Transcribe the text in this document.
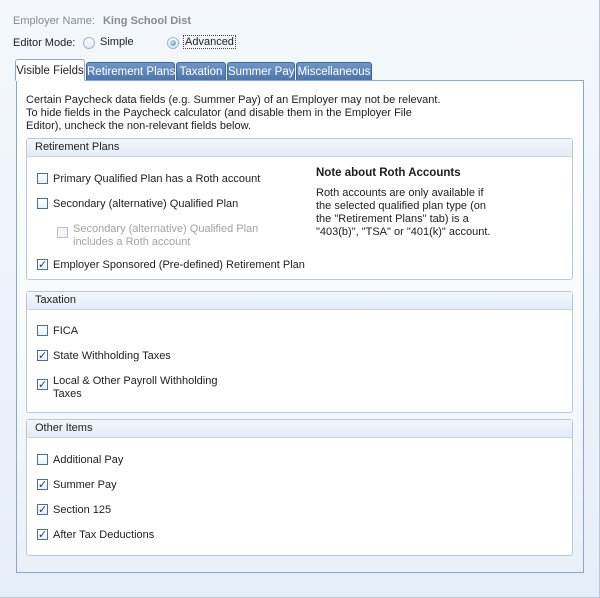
Employer Name: King School Dist
Editor Mode: Simple	Advanced
Visible Fields Retirement Plans Taxation Summer Pay Miscellaneous
Certain Paycheck data fields (e.g. Summer Pay) of an Employer may not be relevant.
To hide fields in the Paycheck calculator (and disable them in the Employer File
Editor), uncheck the non-relevant fields below.
Retirement Plans
Primary Qualified Plan has a Roth account
Secondary (alternative) Qualified Plan
Secondary (alternative) Qualified Plan
includes a Roth account
✓
Employer Sponsored (Pre-defined) Retirement Plan
Note about Roth Accounts
Roth accounts are only available if
the selected qualified plan type (on
the "Retirement Plans" tab) is a
"403(b)", "TSA" or "401(k)" account.
Taxation
FICA
✓
State Withholding Taxes
✓
Local & Other Payroll Withholding
Taxes
Other Items
Additional Pay
✓
Summer Pay
✓
Section 125
✓
After Tax Deductions
